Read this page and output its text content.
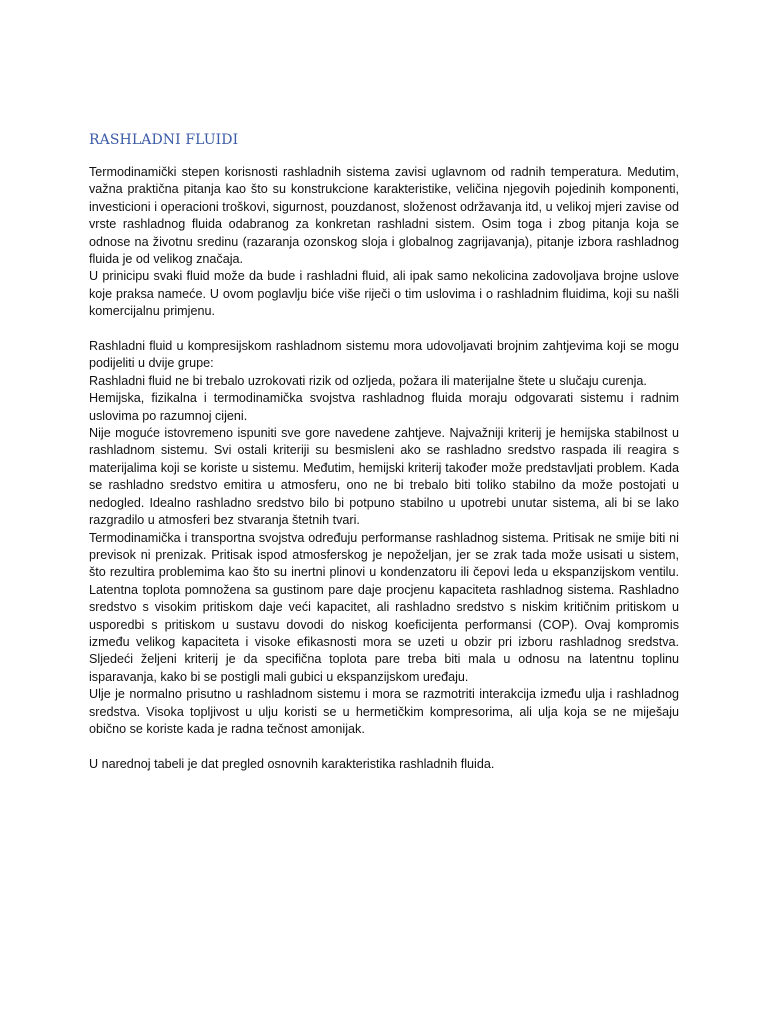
RASHLADNI FLUIDI

Termodinamički stepen korisnosti rashladnih sistema zavisi uglavnom od radnih temperatura. Medutim, važna praktična pitanja kao što su konstrukcione karakteristike, veličina njegovih pojedinih komponenti, investicioni i operacioni troškovi, sigurnost, pouzdanost, složenost održavanja itd, u velikoj mjeri zavise od vrste rashladnog fluida odabranog za konkretan rashladni sistem. Osim toga i zbog pitanja koja se odnose na životnu sredinu (razaranja ozonskog sloja i globalnog zagrijavanja), pitanje izbora rashladnog fluida je od velikog značaja.

U prinicipu svaki fluid može da bude i rashladni fluid, ali ipak samo nekolicina zadovoljava brojne uslove koje praksa nameće. U ovom poglavlju biće više riječi o tim uslovima i o rashladnim fluidima, koji su našli komercijalnu primjenu.

Rashladni fluid u kompresijskom rashladnom sistemu mora udovoljavati brojnim zahtjevima koji se mogu podijeliti u dvije grupe:

Rashladni fluid ne bi trebalo uzrokovati rizik od ozljeda, požara ili materijalne štete u slučaju curenja.

Hemijska, fizikalna i termodinamička svojstva rashladnog fluida moraju odgovarati sistemu i radnim uslovima po razumnoj cijeni.

Nije moguće istovremeno ispuniti sve gore navedene zahtjeve. Najvažniji kriterij je hemijska stabilnost u rashladnom sistemu. Svi ostali kriteriji su besmisleni ako se rashladno sredstvo raspada ili reagira s materijalima koji se koriste u sistemu. Međutim, hemijski kriterij također može predstavljati problem. Kada se rashladno sredstvo emitira u atmosferu, ono ne bi trebalo biti toliko stabilno da može postojati u nedogled. Idealno rashladno sredstvo bilo bi potpuno stabilno u upotrebi unutar sistema, ali bi se lako razgradilo u atmosferi bez stvaranja štetnih tvari.

Termodinamička i transportna svojstva određuju performanse rashladnog sistema. Pritisak ne smije biti ni previsok ni prenizak. Pritisak ispod atmosferskog je nepoželjan, jer se zrak tada može usisati u sistem, što rezultira problemima kao što su inertni plinovi u kondenzatoru ili čepovi leda u ekspanzijskom ventilu. Latentna toplota pomnožena sa gustinom pare daje procjenu kapaciteta rashladnog sistema. Rashladno sredstvo s visokim pritiskom daje veći kapacitet, ali rashladno sredstvo s niskim kritičnim pritiskom u usporedbi s pritiskom u sustavu dovodi do niskog koeficijenta performansi (COP). Ovaj kompromis između velikog kapaciteta i visoke efikasnosti mora se uzeti u obzir pri izboru rashladnog sredstva. Sljedeći željeni kriterij je da specifična toplota pare treba biti mala u odnosu na latentnu toplinu isparavanja, kako bi se postigli mali gubici u ekspanzijskom uređaju.

Ulje je normalno prisutno u rashladnom sistemu i mora se razmotriti interakcija između ulja i rashladnog sredstva. Visoka topljivost u ulju koristi se u hermetičkim kompresorima, ali ulja koja se ne miješaju obično se koriste kada je radna tečnost amonijak.

U narednoj tabeli je dat pregled osnovnih karakteristika rashladnih fluida.
